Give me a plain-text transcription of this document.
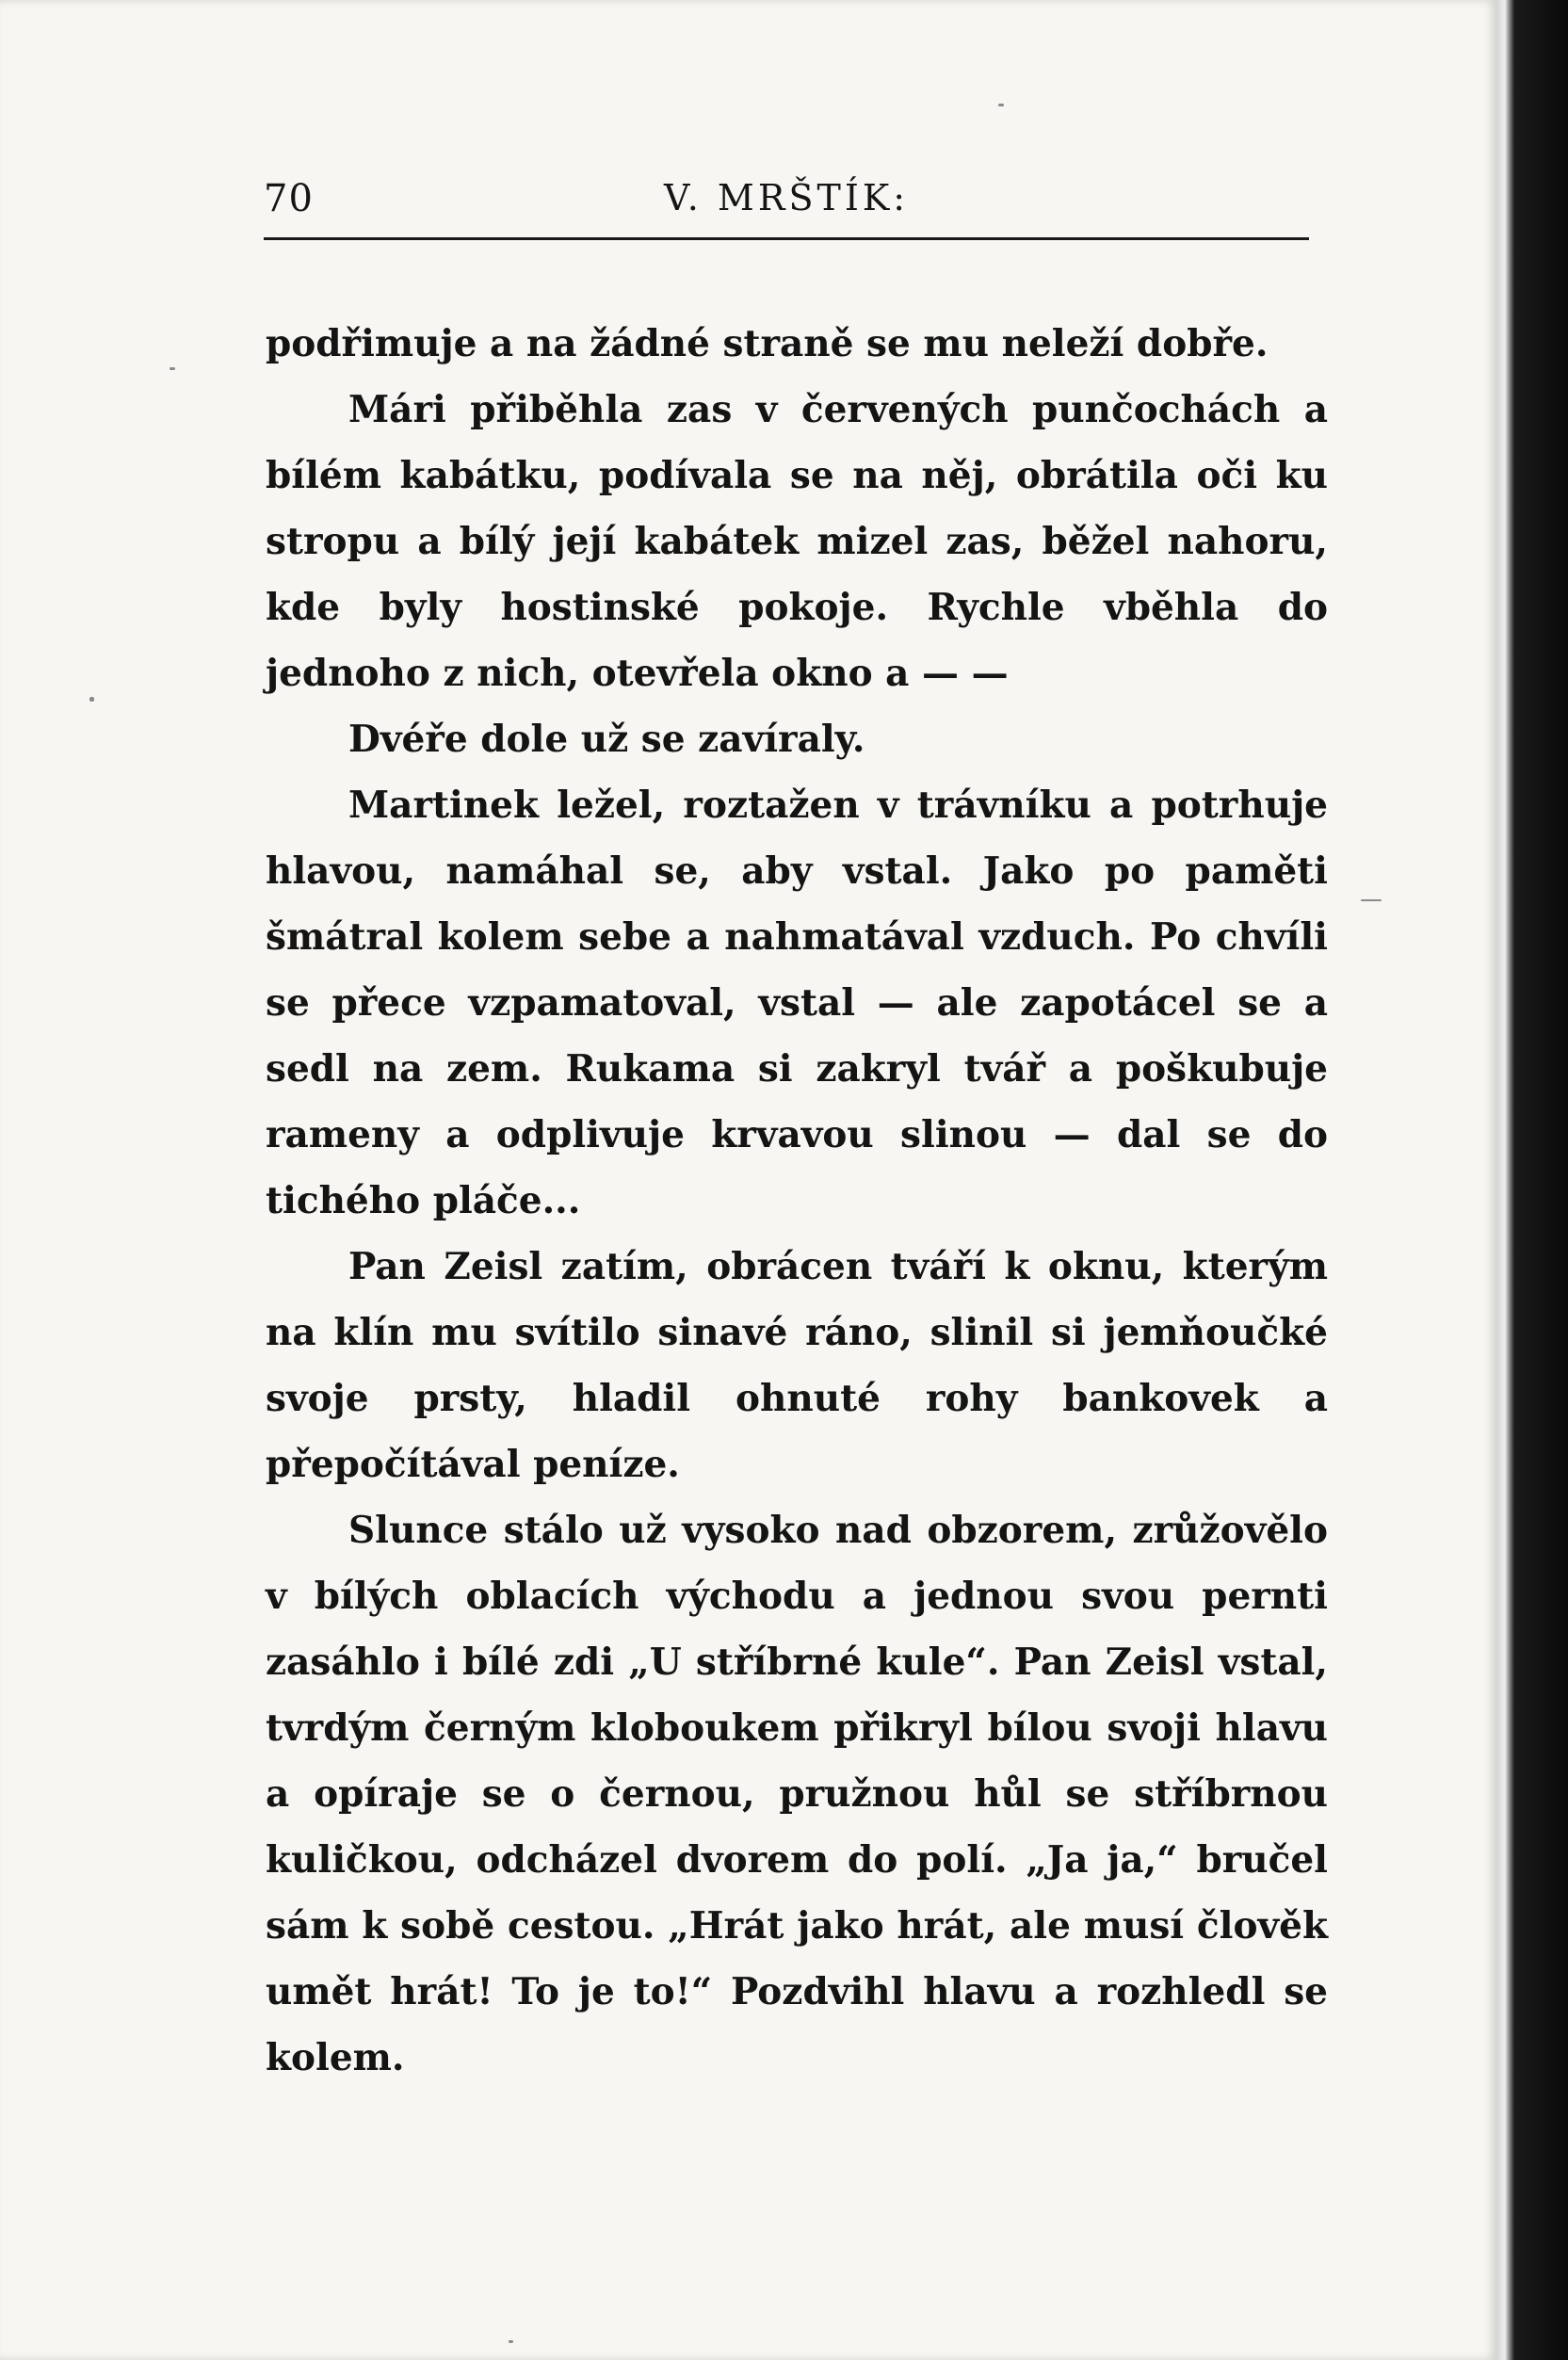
70	V. MRŠTÍK:

podřimuje a na žádné straně se mu neleží dobře.

Mári přiběhla zas v červených punčochách a bílém kabátku, podívala se na něj, obrátila oči ku stropu a bílý její kabátek mizel zas, běžel nahoru, kde byly hostinské pokoje. Rychle vběhla do jednoho z nich, otevřela okno a — —

Dvéře dole už se zavíraly.

Martinek ležel, roztažen v trávníku a potrhuje hlavou, namáhal se, aby vstal. Jako po paměti šmátral kolem sebe a nahmatával vzduch. Po chvíli se přece vzpamatoval, vstal — ale zapotácel se a sedl na zem. Rukama si zakryl tvář a poškubuje rameny a odplivuje krvavou slinou — dal se do tichého pláče...

Pan Zeisl zatím, obrácen tváří k oknu, kterým na klín mu svítilo sinavé ráno, slinil si jemňoučké svoje prsty, hladil ohnuté rohy bankovek a přepočítával peníze.

Slunce stálo už vysoko nad obzorem, zrůžovělo v bílých oblacích východu a jednou svou pernti zasáhlo i bílé zdi „U stříbrné kule“. Pan Zeisl vstal, tvrdým černým kloboukem přikryl bílou svoji hlavu a opíraje se o černou, pružnou hůl se stříbrnou kuličkou, odcházel dvorem do polí. „Ja ja,“ bručel sám k sobě cestou. „Hrát jako hrát, ale musí člověk umět hrát! To je to!“ Pozdvihl hlavu a rozhledl se kolem.
